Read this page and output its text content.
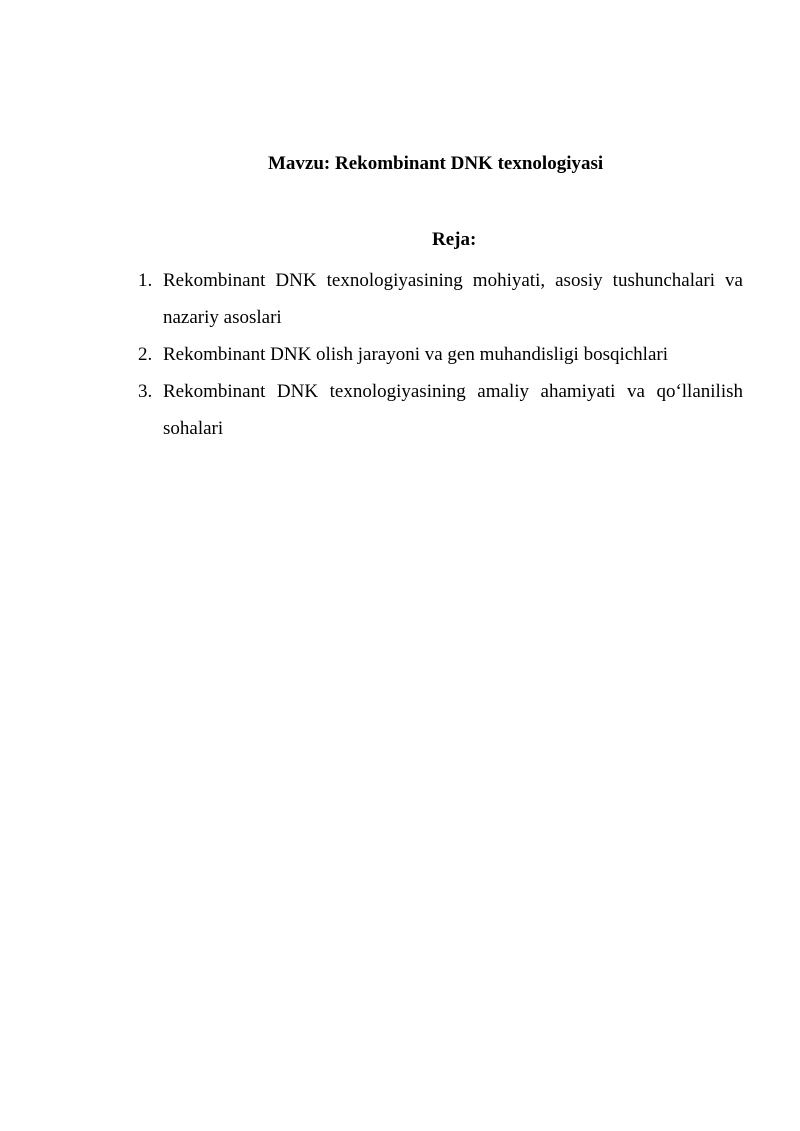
Mavzu: Rekombinant DNK texnologiyasi
Reja:
1. Rekombinant DNK texnologiyasining mohiyati, asosiy tushunchalari va nazariy asoslari
2. Rekombinant DNK olish jarayoni va gen muhandisligi bosqichlari
3. Rekombinant DNK texnologiyasining amaliy ahamiyati va qo‘llanilish sohalari
